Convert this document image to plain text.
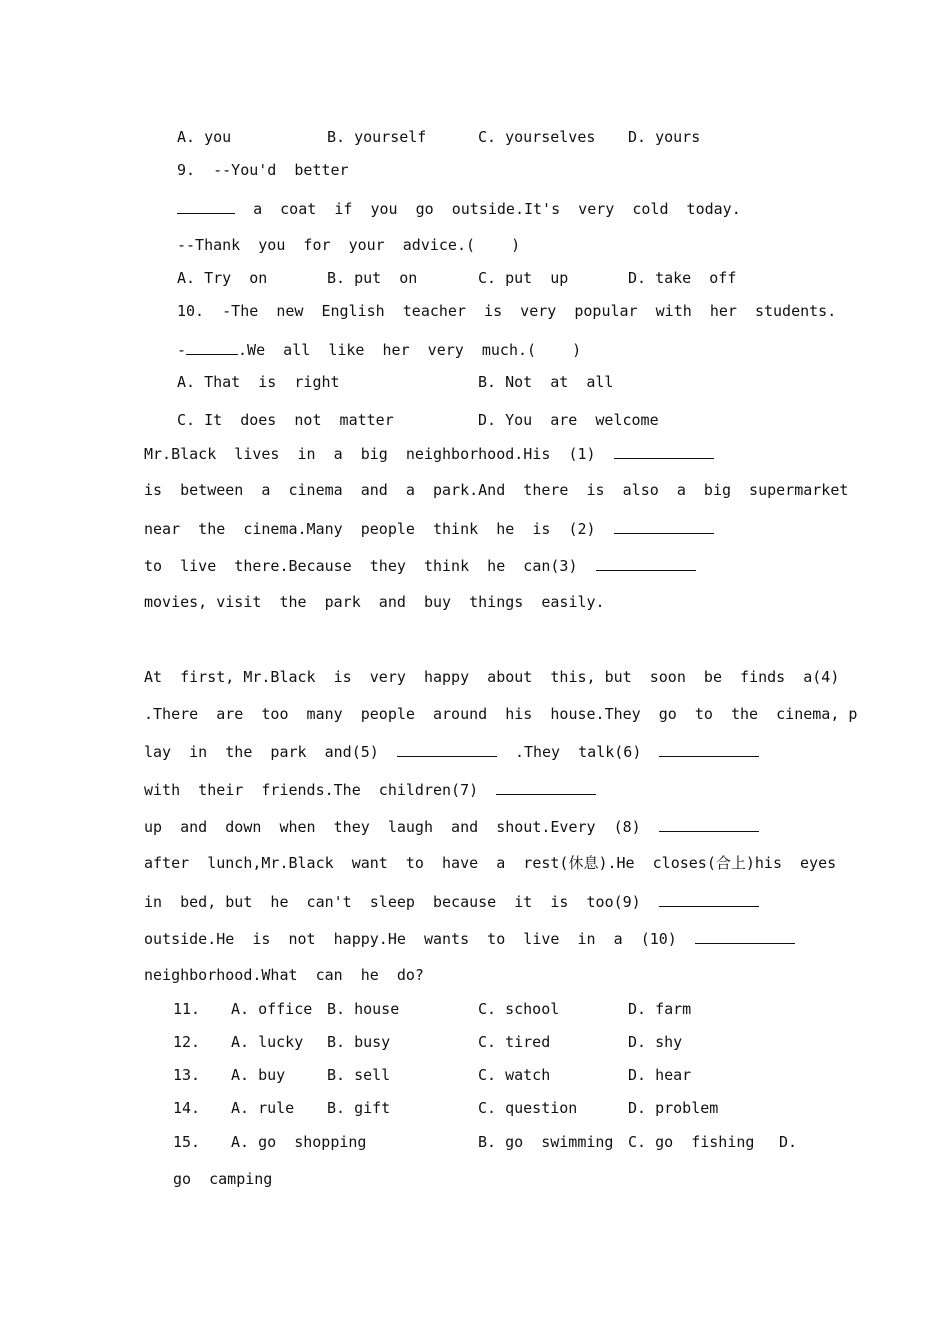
A. you	B. yourself	C. yourselves D. yours
9.  --You'd  better
a  coat  if  you  go  outside.It's  very  cold  today.
--Thank  you  for  your  advice.(    )
A. Try  on	B. put  on	C. put  up	D. take  off
10.  -The  new  English  teacher  is  very  popular  with  her  students.
-	.We  all  like  her  very  much.(    )
A. That  is  right	B. Not  at  all
C. It  does  not  matter	D. You  are  welcome
Mr.Black  lives  in  a  big  neighborhood.His  (1)
is  between  a  cinema  and  a  park.And  there  is  also  a  big  supermarket
near  the  cinema.Many  people  think  he  is  (2)
to  live  there.Because  they  think  he  can(3)
movies, visit  the  park  and  buy  things  easily.
At  first, Mr.Black  is  very  happy  about  this, but  soon  be  finds  a(4)
.There  are  too  many  people  around  his  house.They  go  to  the  cinema, p
lay  in  the  park  and(5)	.They  talk(6)
with  their  friends.The  children(7)
up  and  down  when  they  laugh  and  shout.Every  (8)
after  lunch,Mr.Black  want  to  have  a  rest(休息).He  closes(合上)his  eyes
in  bed, but  he  can't  sleep  because  it  is  too(9)
outside.He  is  not  happy.He  wants  to  live  in  a  (10)
neighborhood.What  can  he  do?
11. A. office B. house	C. school	D. farm
12. A. lucky B. busy	C. tired	D. shy
13. A. buy	B. sell	C. watch	D. hear
14. A. rule B. gift	C. question	D. problem
15. A. go  shopping	B. go  swimming C. go  fishing D.
go  camping
